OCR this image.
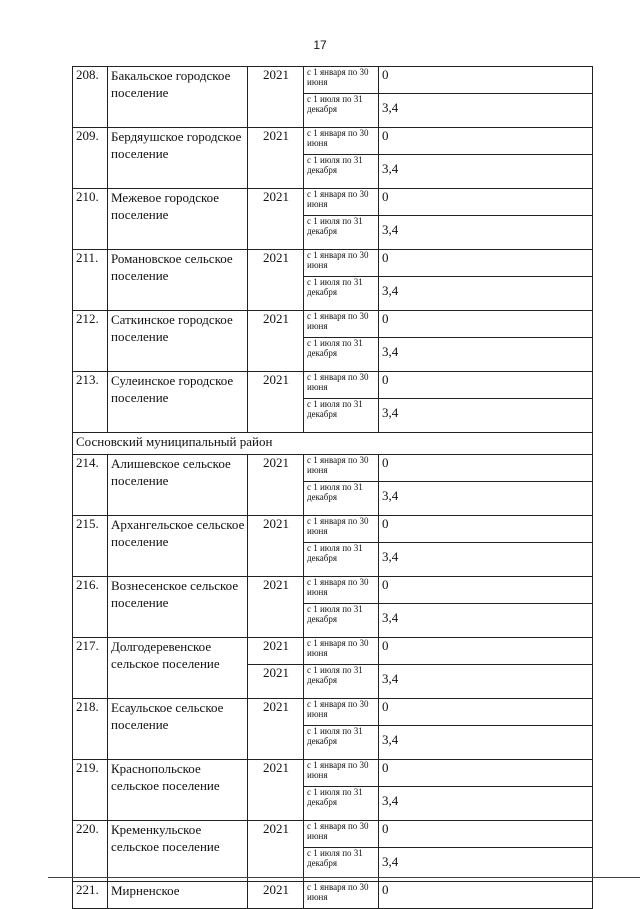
17
208.	Бакальское городское поселение	2021	с 1 января по 30 июня	0
			с 1 июля по 31 декабря	3,4
209.	Бердяушское городское поселение	2021	с 1 января по 30 июня	0
			с 1 июля по 31 декабря	3,4
210.	Межевое городское поселение	2021	с 1 января по 30 июня	0
			с 1 июля по 31 декабря	3,4
211.	Романовское сельское поселение	2021	с 1 января по 30 июня	0
			с 1 июля по 31 декабря	3,4
212.	Саткинское городское поселение	2021	с 1 января по 30 июня	0
			с 1 июля по 31 декабря	3,4
213.	Сулеинское городское поселение	2021	с 1 января по 30 июня	0
			с 1 июля по 31 декабря	3,4
Сосновский муниципальный район				
214.	Алишевское сельское поселение	2021	с 1 января по 30 июня	0
			с 1 июля по 31 декабря	3,4
215.	Архангельское сельское поселение	2021	с 1 января по 30 июня	0
			с 1 июля по 31 декабря	3,4
216.	Вознесенское сельское поселение	2021	с 1 января по 30 июня	0
			с 1 июля по 31 декабря	3,4
217.	Долгодеревенское сельское поселение	2021	с 1 января по 30 июня	0
		2021	с 1 июля по 31 декабря	3,4
218.	Есаульское сельское поселение	2021	с 1 января по 30 июня	0
			с 1 июля по 31 декабря	3,4
219.	Краснопольское сельское поселение	2021	с 1 января по 30 июня	0
			с 1 июля по 31 декабря	3,4
220.	Кременкульское сельское поселение	2021	с 1 января по 30 июня	0
			с 1 июля по 31 декабря	3,4
221.	Мирненское	2021	с 1 января по 30 июня	0
